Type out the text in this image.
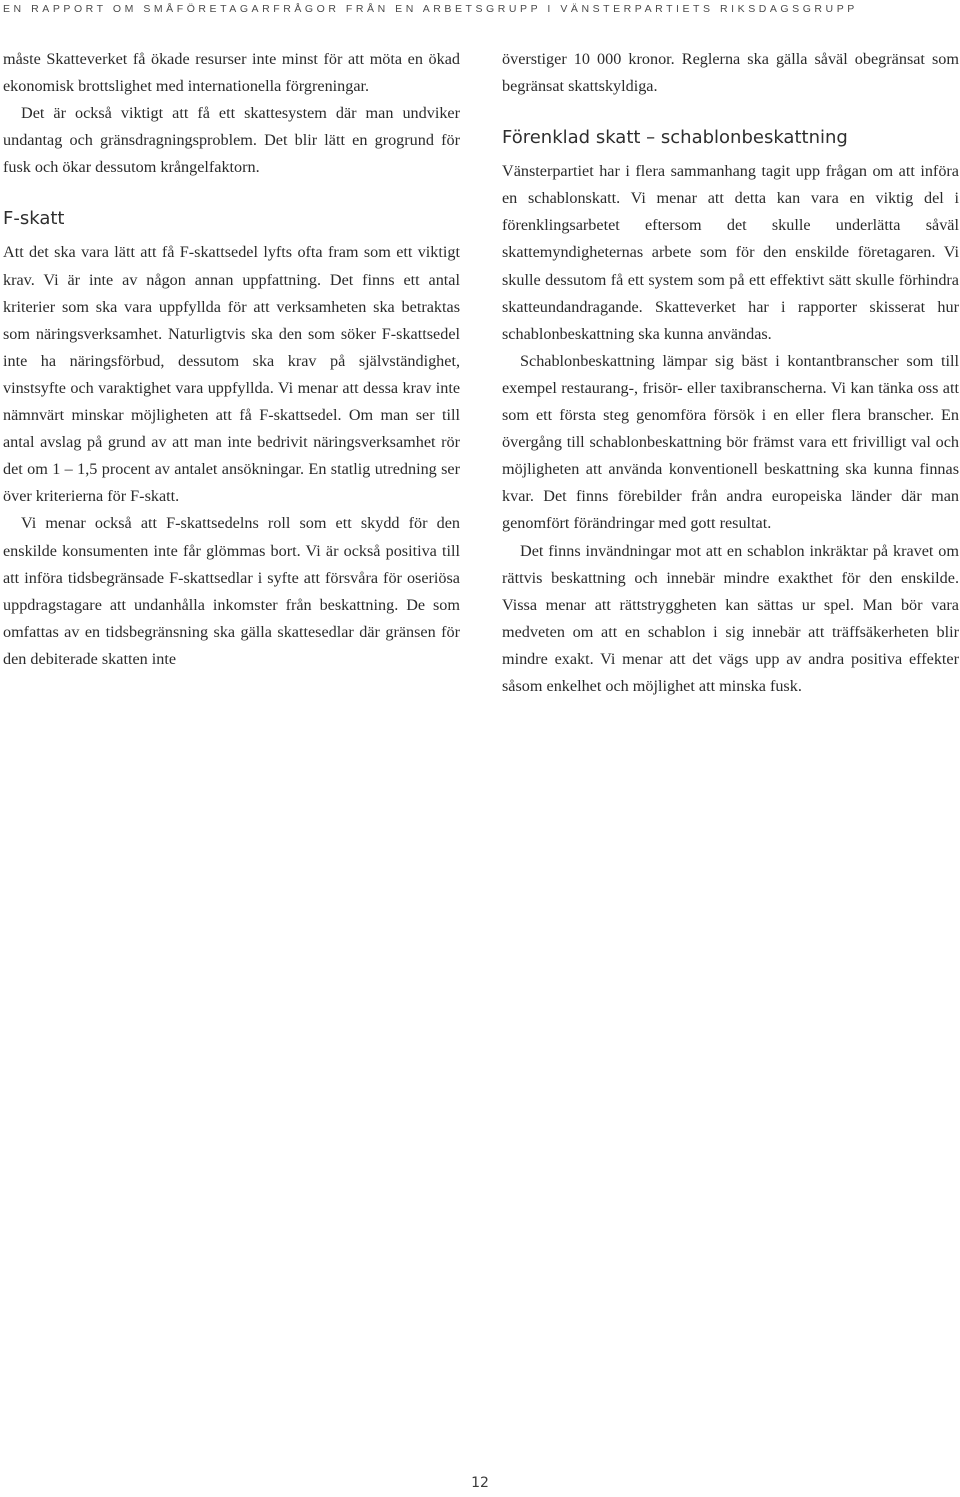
EN RAPPORT OM SMÅFÖRETAGARFRÅGOR FRÅN EN ARBETSGRUPP I VÄNSTERPARTIETS RIKSDAGSGRUPP

måste Skatteverket få ökade resurser inte minst för att möta en ökad ekonomisk brottslighet med internationella förgreningar.

Det är också viktigt att få ett skattesystem där man undviker undantag och gränsdragningsproblem. Det blir lätt en grogrund för fusk och ökar dessutom krångelfaktorn.

F-skatt

Att det ska vara lätt att få F-skattsedel lyfts ofta fram som ett viktigt krav. Vi är inte av någon annan uppfattning. Det finns ett antal kriterier som ska vara uppfyllda för att verksamheten ska betraktas som näringsverksamhet. Naturligtvis ska den som söker F-skattsedel inte ha näringsförbud, dessutom ska krav på självständighet, vinstsyfte och varaktighet vara uppfyllda. Vi menar att dessa krav inte nämnvärt minskar möjligheten att få F-skattsedel. Om man ser till antal avslag på grund av att man inte bedrivit näringsverksamhet rör det om 1 – 1,5 procent av antalet ansökningar. En statlig utredning ser över kriterierna för F-skatt.

Vi menar också att F-skattsedelns roll som ett skydd för den enskilde konsumenten inte får glömmas bort. Vi är också positiva till att införa tidsbegränsade F-skattsedlar i syfte att försvåra för oseriösa uppdragstagare att undanhålla inkomster från beskattning. De som omfattas av en tidsbegränsning ska gälla skattesedlar där gränsen för den debiterade skatten inte

överstiger 10 000 kronor. Reglerna ska gälla såväl obegränsat som begränsat skattskyldiga.

Förenklad skatt – schablonbeskattning

Vänsterpartiet har i flera sammanhang tagit upp frågan om att införa en schablonskatt. Vi menar att detta kan vara en viktig del i förenklingsarbetet eftersom det skulle underlätta såväl skattemyndigheternas arbete som för den enskilde företagaren. Vi skulle dessutom få ett system som på ett effektivt sätt skulle förhindra skatteundandragande. Skatteverket har i rapporter skisserat hur schablonbeskattning ska kunna användas.

Schablonbeskattning lämpar sig bäst i kontantbranscher som till exempel restaurang-, frisör- eller taxibranscherna. Vi kan tänka oss att som ett första steg genomföra försök i en eller flera branscher. En övergång till schablonbeskattning bör främst vara ett frivilligt val och möjligheten att använda konventionell beskattning ska kunna finnas kvar. Det finns förebilder från andra europeiska länder där man genomfört förändringar med gott resultat.

Det finns invändningar mot att en schablon inkräktar på kravet om rättvis beskattning och innebär mindre exakthet för den enskilde. Vissa menar att rättstryggheten kan sättas ur spel. Man bör vara medveten om att en schablon i sig innebär att träffsäkerheten blir mindre exakt. Vi menar att det vägs upp av andra positiva effekter såsom enkelhet och möjlighet att minska fusk.

12
